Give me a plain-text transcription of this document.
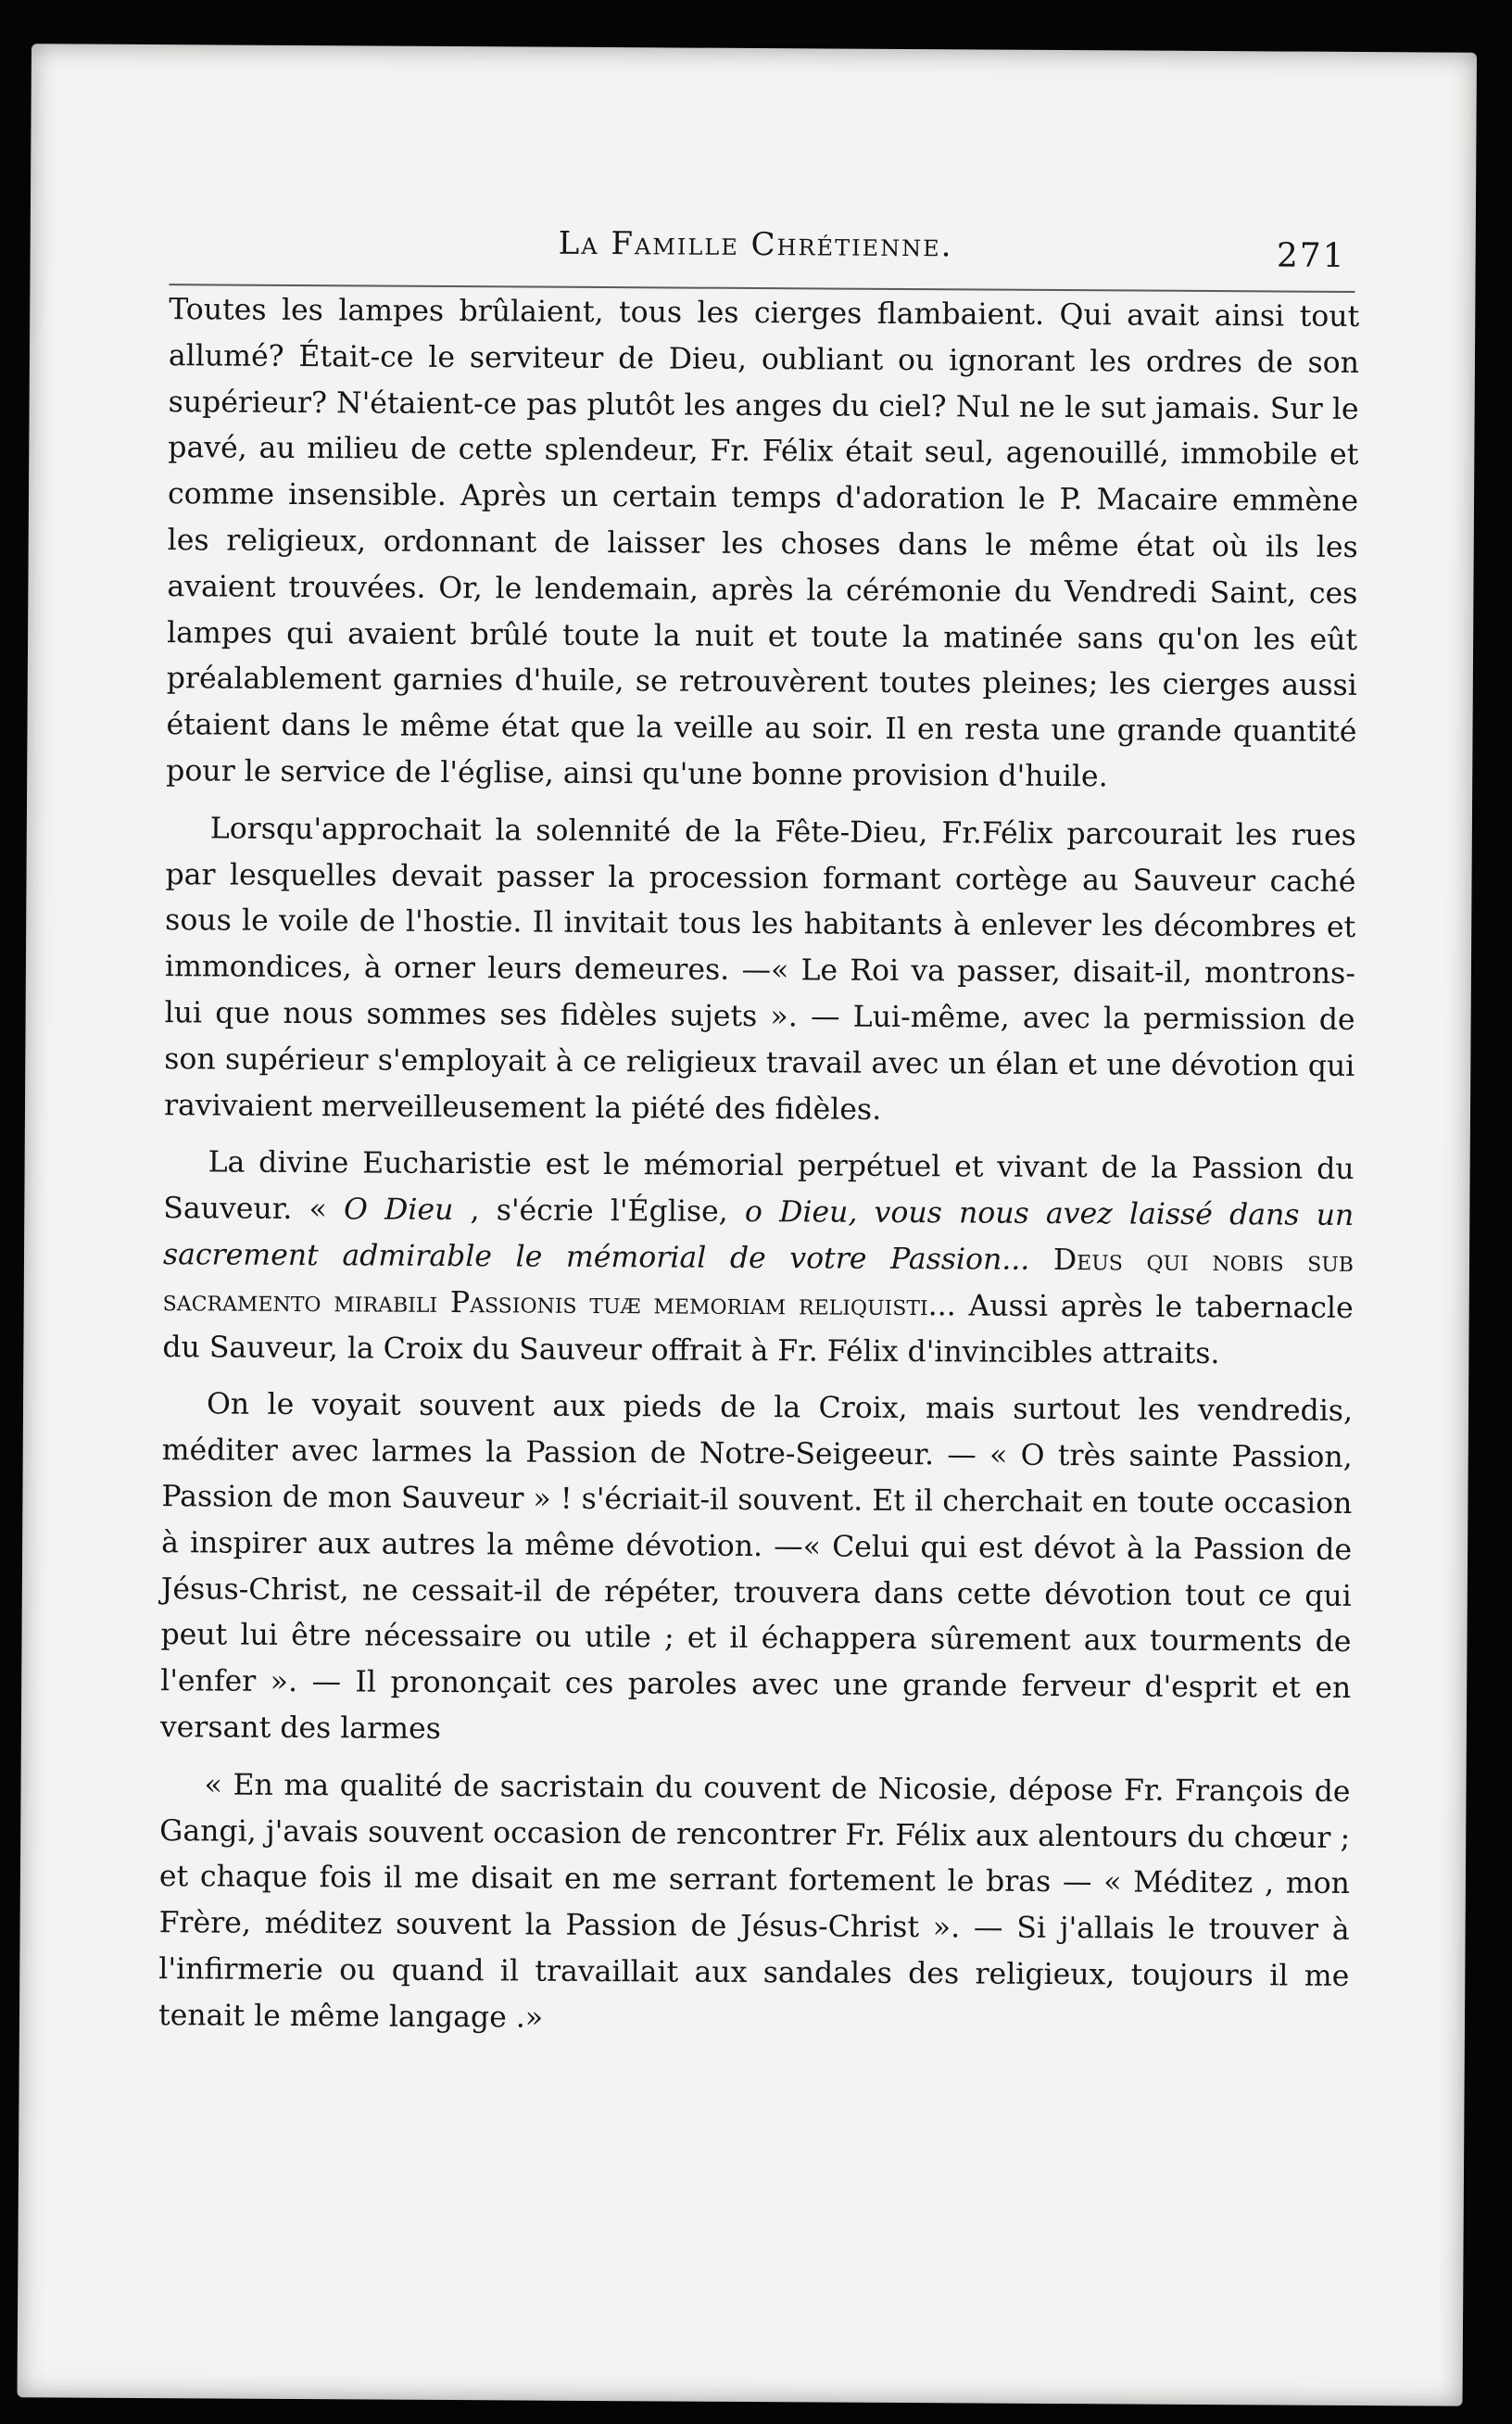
La Famille Chrétienne.	271

Toutes les lampes brûlaient, tous les cierges flambaient. Qui avait ainsi tout allumé? Était-ce le serviteur de Dieu, oubliant ou ignorant les ordres de son supérieur? N'étaient-ce pas plutôt les anges du ciel? Nul ne le sut jamais. Sur le pavé, au milieu de cette splendeur, Fr. Félix était seul, agenouillé, immobile et comme insensible. Après un certain temps d'adoration le P. Macaire emmène les religieux, ordonnant de laisser les choses dans le même état où ils les avaient trouvées. Or, le lendemain, après la cérémonie du Vendredi Saint, ces lampes qui avaient brûlé toute la nuit et toute la matinée sans qu'on les eût préalablement garnies d'huile, se retrouvèrent toutes pleines; les cierges aussi étaient dans le même état que la veille au soir. Il en resta une grande quantité pour le service de l'église, ainsi qu'une bonne provision d'huile.

Lorsqu'approchait la solennité de la Fête-Dieu, Fr.Félix parcourait les rues par lesquelles devait passer la procession formant cortège au Sauveur caché sous le voile de l'hostie. Il invitait tous les habitants à enlever les décombres et immondices, à orner leurs demeures. —« Le Roi va passer, disait-il, montrons-lui que nous sommes ses fidèles sujets ». — Lui-même, avec la permission de son supérieur s'employait à ce religieux travail avec un élan et une dévotion qui ravivaient merveilleusement la piété des fidèles.

La divine Eucharistie est le mémorial perpétuel et vivant de la Passion du Sauveur. « O Dieu , s'écrie l'Église, o Dieu, vous nous avez laissé dans un sacrement admirable le mémorial de votre Passion... Deus qui nobis sub sacramento mirabili Passionis tuæ memoriam reliquisti... Aussi après le tabernacle du Sauveur, la Croix du Sauveur offrait à Fr. Félix d'invincibles attraits.

On le voyait souvent aux pieds de la Croix, mais surtout les vendredis, méditer avec larmes la Passion de Notre-Seigeeur. — « O très sainte Passion, Passion de mon Sauveur » ! s'écriait-il souvent. Et il cherchait en toute occasion à inspirer aux autres la même dévotion. —« Celui qui est dévot à la Passion de Jésus-Christ, ne cessait-il de répéter, trouvera dans cette dévotion tout ce qui peut lui être nécessaire ou utile ; et il échappera sûrement aux tourments de l'enfer ». — Il prononçait ces paroles avec une grande ferveur d'esprit et en versant des larmes

« En ma qualité de sacristain du couvent de Nicosie, dépose Fr. François de Gangi, j'avais souvent occasion de rencontrer Fr. Félix aux alentours du chœur ; et chaque fois il me disait en me serrant fortement le bras — « Méditez , mon Frère, méditez souvent la Passion de Jésus-Christ ». — Si j'allais le trouver à l'infirmerie ou quand il travaillait aux sandales des religieux, toujours il me tenait le même langage .»
